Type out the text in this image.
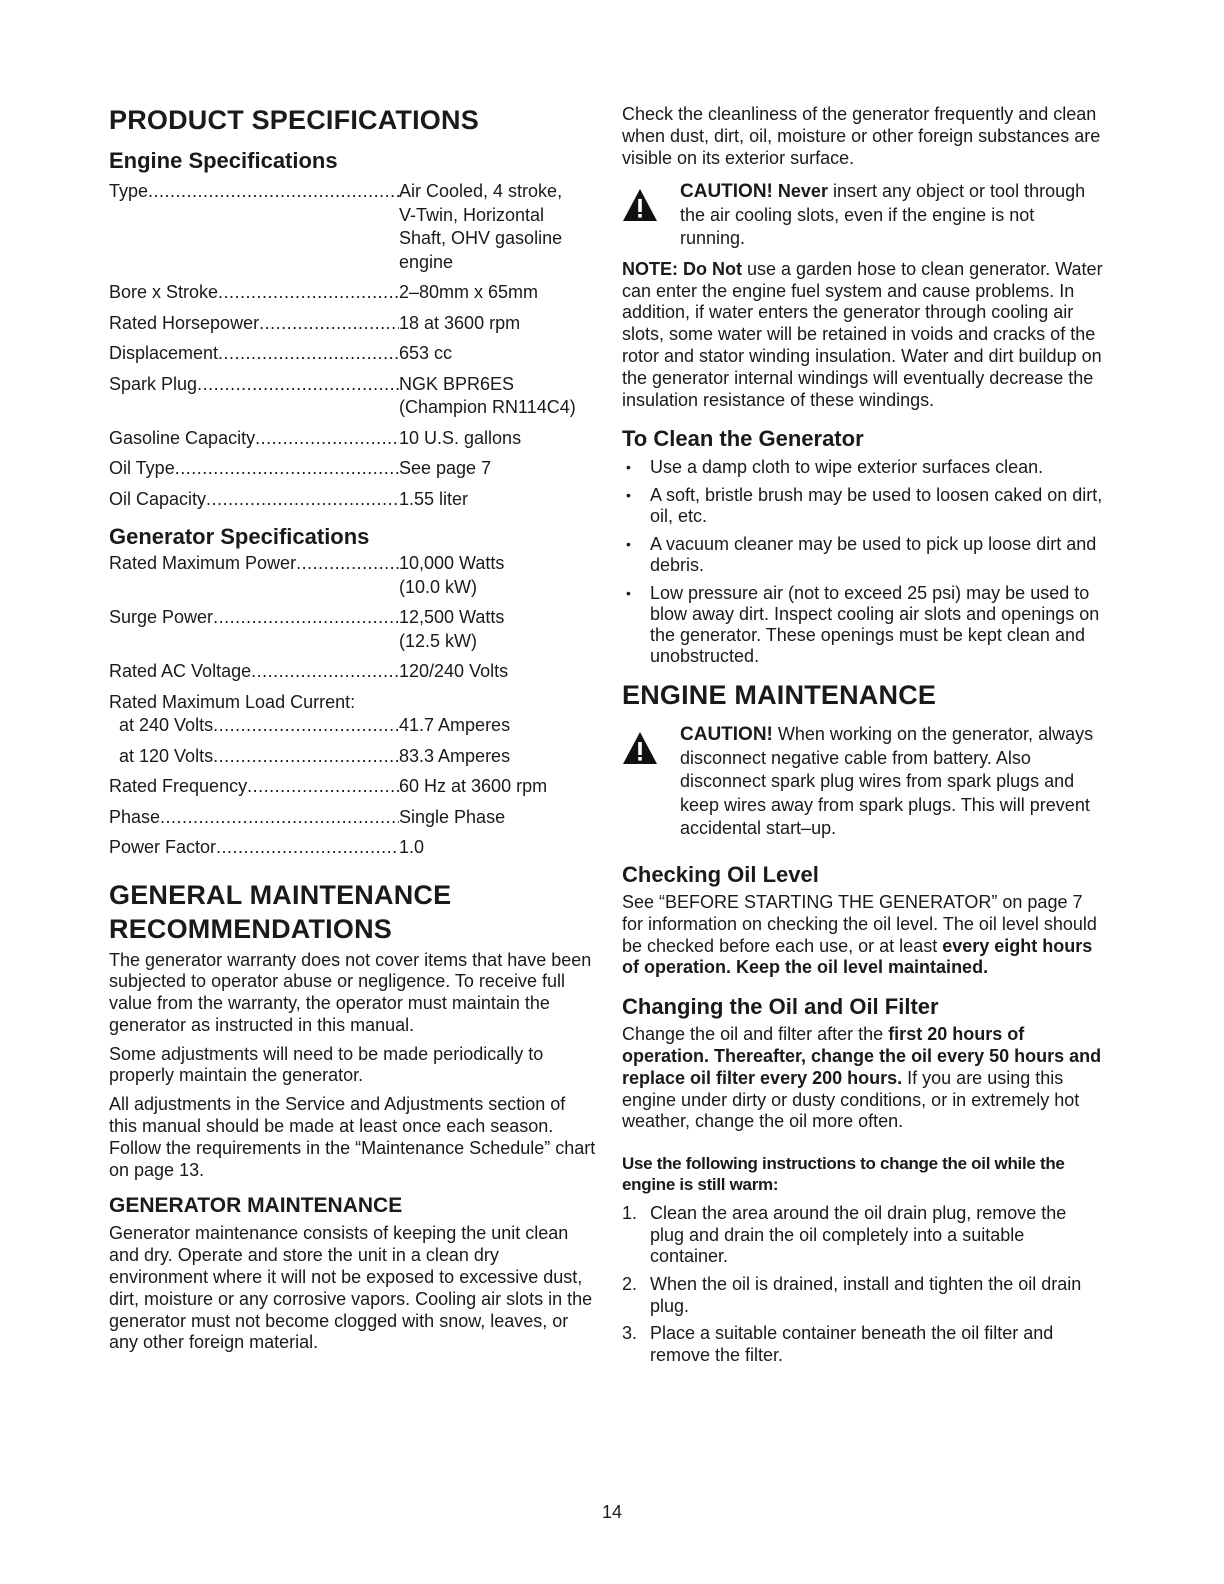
PRODUCT SPECIFICATIONS
Engine Specifications
Type .....	Air Cooled, 4 stroke,
V-Twin, Horizontal
Shaft, OHV gasoline
engine
Bore x Stroke .....	2–80mm x 65mm
Rated Horsepower .....	18 at 3600 rpm
Displacement .....	653 cc
Spark Plug .....	NGK BPR6ES
(Champion RN114C4)
Gasoline Capacity .....	10 U.S. gallons
Oil Type .....	See page 7
Oil Capacity .....	1.55 liter
Generator Specifications
Rated Maximum Power .....	10,000 Watts
(10.0 kW)
Surge Power .....	12,500 Watts
(12.5 kW)
Rated AC Voltage .....	120/240 Volts
Rated Maximum Load Current:
at 240 Volts .....	41.7 Amperes
at 120 Volts .....	83.3 Amperes
Rated Frequency .....	60 Hz at 3600 rpm
Phase .....	Single Phase
Power Factor .....	1.0
GENERAL MAINTENANCE
RECOMMENDATIONS

The generator warranty does not cover items that have been subjected to operator abuse or negligence. To receive full value from the warranty, the operator must maintain the generator as instructed in this manual.

Some adjustments will need to be made periodically to properly maintain the generator.

All adjustments in the Service and Adjustments section of this manual should be made at least once each season. Follow the requirements in the “Maintenance Schedule” chart on page 13.

GENERATOR MAINTENANCE

Generator maintenance consists of keeping the unit clean and dry. Operate and store the unit in a clean dry environment where it will not be exposed to excessive dust, dirt, moisture or any corrosive vapors. Cooling air slots in the generator must not become clogged with snow, leaves, or any other foreign material.

Check the cleanliness of the generator frequently and clean when dust, dirt, oil, moisture or other foreign substances are visible on its exterior surface.

CAUTION! Never insert any object or tool through the air cooling slots, even if the engine is not running.

NOTE: Do Not use a garden hose to clean generator. Water can enter the engine fuel system and cause problems. In addition, if water enters the generator through cooling air slots, some water will be retained in voids and cracks of the rotor and stator winding insulation. Water and dirt buildup on the generator internal windings will eventually decrease the insulation resistance of these windings.

To Clean the Generator
• Use a damp cloth to wipe exterior surfaces clean.
• A soft, bristle brush may be used to loosen caked on dirt, oil, etc.
• A vacuum cleaner may be used to pick up loose dirt and debris.
• Low pressure air (not to exceed 25 psi) may be used to blow away dirt. Inspect cooling air slots and openings on the generator. These openings must be kept clean and unobstructed.
ENGINE MAINTENANCE

CAUTION! When working on the generator, always disconnect negative cable from battery. Also disconnect spark plug wires from spark plugs and keep wires away from spark plugs. This will prevent accidental start–up.

Checking Oil Level

See “BEFORE STARTING THE GENERATOR” on page 7 for information on checking the oil level. The oil level should be checked before each use, or at least every eight hours of operation. Keep the oil level maintained.

Changing the Oil and Oil Filter

Change the oil and filter after the first 20 hours of operation. Thereafter, change the oil every 50 hours and replace oil filter every 200 hours. If you are using this engine under dirty or dusty conditions, or in extremely hot weather, change the oil more often.

Use the following instructions to change the oil while the engine is still warm:
1. Clean the area around the oil drain plug, remove the plug and drain the oil completely into a suitable container.
2. When the oil is drained, install and tighten the oil drain plug.
3. Place a suitable container beneath the oil filter and remove the filter.
14
